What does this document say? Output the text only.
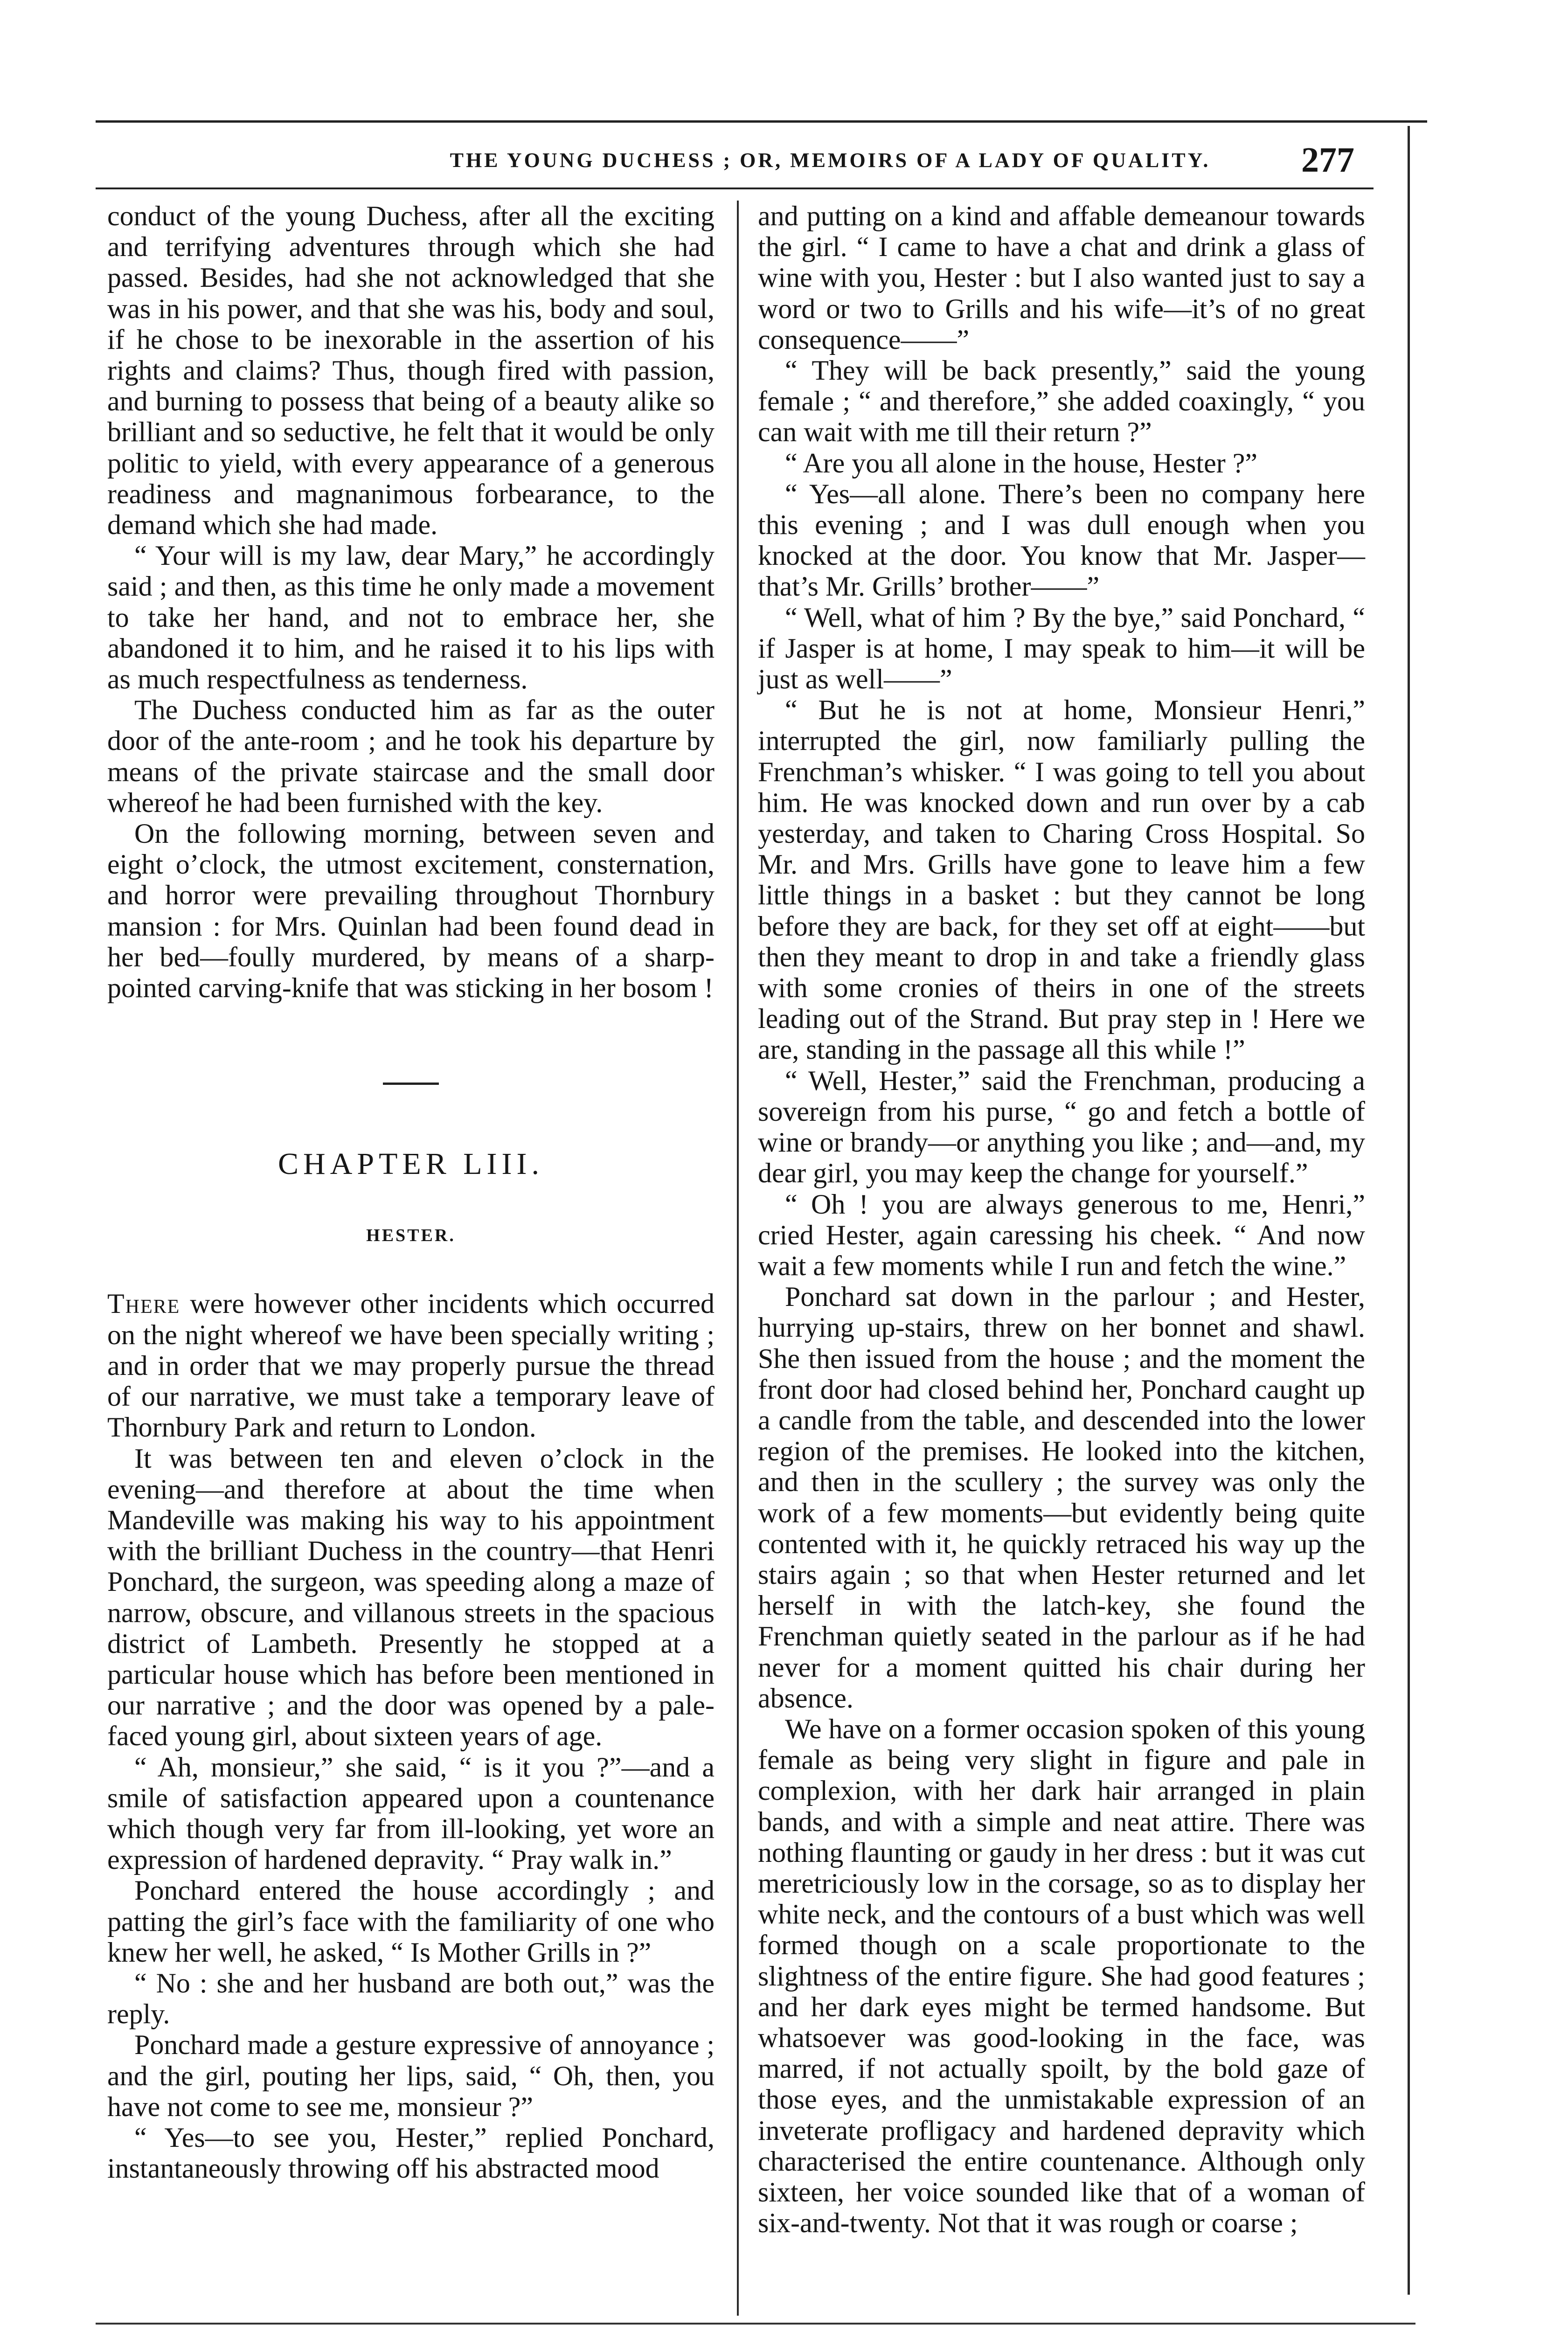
THE YOUNG DUCHESS ; OR, MEMOIRS OF A LADY OF QUALITY.	277

conduct of the young Duchess, after all the exciting and terrifying adventures through which she had passed. Besides, had she not acknowledged that she was in his power, and that she was his, body and soul, if he chose to be inexorable in the assertion of his rights and claims? Thus, though fired with passion, and burning to possess that being of a beauty alike so brilliant and so seductive, he felt that it would be only politic to yield, with every appearance of a generous readiness and magnanimous forbearance, to the demand which she had made.

“ Your will is my law, dear Mary,” he accordingly said ; and then, as this time he only made a movement to take her hand, and not to embrace her, she abandoned it to him, and he raised it to his lips with as much respectfulness as tenderness.

The Duchess conducted him as far as the outer door of the ante-room ; and he took his departure by means of the private staircase and the small door whereof he had been furnished with the key.

On the following morning, between seven and eight o’clock, the utmost excitement, consternation, and horror were prevailing throughout Thornbury mansion : for Mrs. Quinlan had been found dead in her bed—foully murdered, by means of a sharp-pointed carving-knife that was sticking in her bosom !

CHAPTER LIII.
HESTER.

There were however other incidents which occurred on the night whereof we have been specially writing ; and in order that we may properly pursue the thread of our narrative, we must take a temporary leave of Thornbury Park and return to London.

It was between ten and eleven o’clock in the evening—and therefore at about the time when Mandeville was making his way to his appointment with the brilliant Duchess in the country—that Henri Ponchard, the surgeon, was speeding along a maze of narrow, obscure, and villanous streets in the spacious district of Lambeth. Presently he stopped at a particular house which has before been mentioned in our narrative ; and the door was opened by a pale-faced young girl, about sixteen years of age.

“ Ah, monsieur,” she said, “ is it you ?”—and a smile of satisfaction appeared upon a countenance which though very far from ill-looking, yet wore an expression of hardened depravity. “ Pray walk in.”

Ponchard entered the house accordingly ; and patting the girl’s face with the familiarity of one who knew her well, he asked, “ Is Mother Grills in ?”

“ No : she and her husband are both out,” was the reply.

Ponchard made a gesture expressive of annoyance ; and the girl, pouting her lips, said, “ Oh, then, you have not come to see me, monsieur ?”

“ Yes—to see you, Hester,” replied Ponchard, instantaneously throwing off his abstracted mood

and putting on a kind and affable demeanour towards the girl. “ I came to have a chat and drink a glass of wine with you, Hester : but I also wanted just to say a word or two to Grills and his wife—it’s of no great consequence——”

“ They will be back presently,” said the young female ; “ and therefore,” she added coaxingly, “ you can wait with me till their return ?”

“ Are you all alone in the house, Hester ?”

“ Yes—all alone. There’s been no company here this evening ; and I was dull enough when you knocked at the door. You know that Mr. Jasper—that’s Mr. Grills’ brother——”

“ Well, what of him ? By the bye,” said Ponchard, “ if Jasper is at home, I may speak to him—it will be just as well——”

“ But he is not at home, Monsieur Henri,” interrupted the girl, now familiarly pulling the Frenchman’s whisker. “ I was going to tell you about him. He was knocked down and run over by a cab yesterday, and taken to Charing Cross Hospital. So Mr. and Mrs. Grills have gone to leave him a few little things in a basket : but they cannot be long before they are back, for they set off at eight——but then they meant to drop in and take a friendly glass with some cronies of theirs in one of the streets leading out of the Strand. But pray step in ! Here we are, standing in the passage all this while !”

“ Well, Hester,” said the Frenchman, producing a sovereign from his purse, “ go and fetch a bottle of wine or brandy—or anything you like ; and—and, my dear girl, you may keep the change for yourself.”

“ Oh ! you are always generous to me, Henri,” cried Hester, again caressing his cheek. “ And now wait a few moments while I run and fetch the wine.”

Ponchard sat down in the parlour ; and Hester, hurrying up-stairs, threw on her bonnet and shawl. She then issued from the house ; and the moment the front door had closed behind her, Ponchard caught up a candle from the table, and descended into the lower region of the premises. He looked into the kitchen, and then in the scullery ; the survey was only the work of a few moments—but evidently being quite contented with it, he quickly retraced his way up the stairs again ; so that when Hester returned and let herself in with the latch-key, she found the Frenchman quietly seated in the parlour as if he had never for a moment quitted his chair during her absence.

We have on a former occasion spoken of this young female as being very slight in figure and pale in complexion, with her dark hair arranged in plain bands, and with a simple and neat attire. There was nothing flaunting or gaudy in her dress : but it was cut meretriciously low in the corsage, so as to display her white neck, and the contours of a bust which was well formed though on a scale proportionate to the slightness of the entire figure. She had good features ; and her dark eyes might be termed handsome. But whatsoever was good-looking in the face, was marred, if not actually spoilt, by the bold gaze of those eyes, and the unmistakable expression of an inveterate profligacy and hardened depravity which characterised the entire countenance. Although only sixteen, her voice sounded like that of a woman of six-and-twenty. Not that it was rough or coarse ;
